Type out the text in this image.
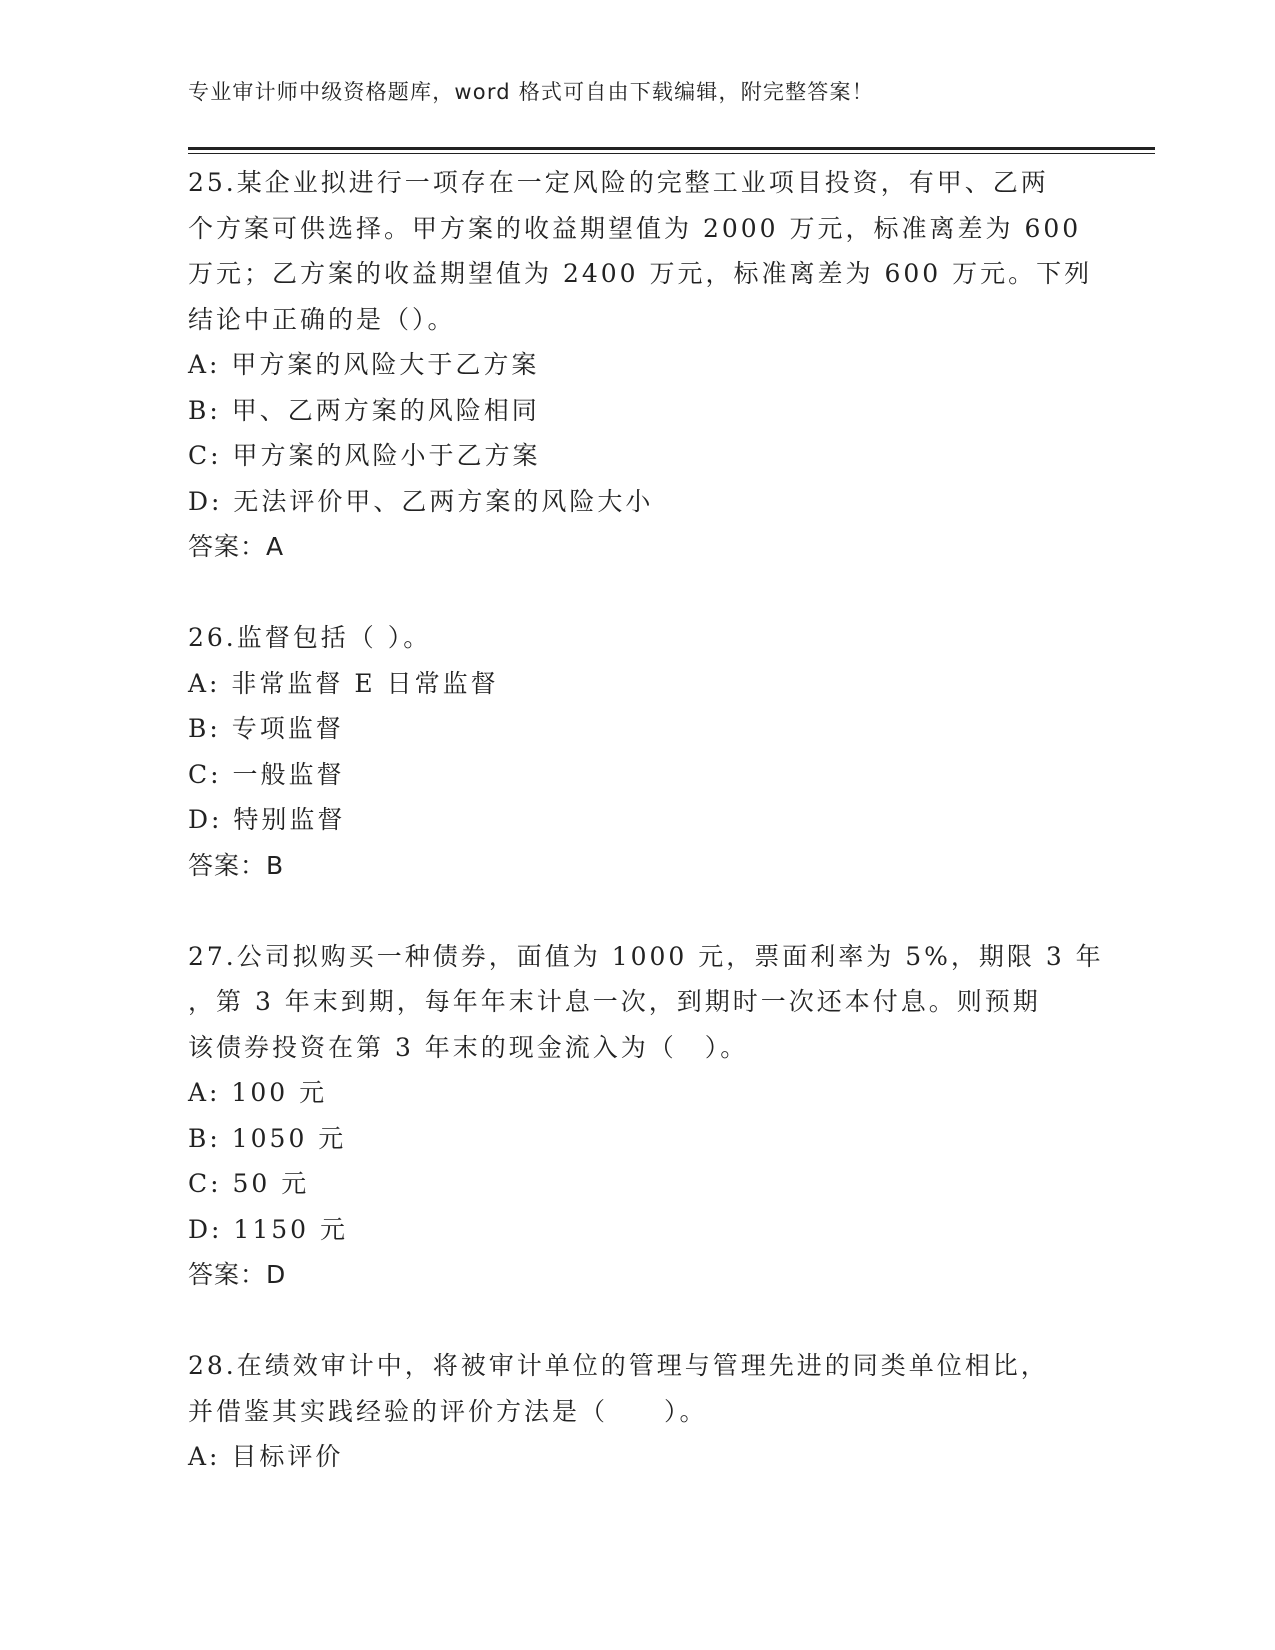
专业审计师中级资格题库，word 格式可自由下载编辑，附完整答案！
25.某企业拟进行一项存在一定风险的完整工业项目投资，有甲、乙两
个方案可供选择。甲方案的收益期望值为 2000 万元，标准离差为 600
万元；乙方案的收益期望值为 2400 万元，标准离差为 600 万元。下列
结论中正确的是（）。
A: 甲方案的风险大于乙方案
B: 甲、乙两方案的风险相同
C: 甲方案的风险小于乙方案
D: 无法评价甲、乙两方案的风险大小
答案：A
26.监督包括（ ）。
A: 非常监督 E 日常监督
B: 专项监督
C: 一般监督
D: 特别监督
答案：B
27.公司拟购买一种债券，面值为 1000 元，票面利率为 5%，期限 3 年
，第 3 年末到期，每年年末计息一次，到期时一次还本付息。则预期
该债券投资在第 3 年末的现金流入为（　）。
A: 100 元
B: 1050 元
C: 50 元
D: 1150 元
答案：D
28.在绩效审计中，将被审计单位的管理与管理先进的同类单位相比，
并借鉴其实践经验的评价方法是（　　）。
A: 目标评价
